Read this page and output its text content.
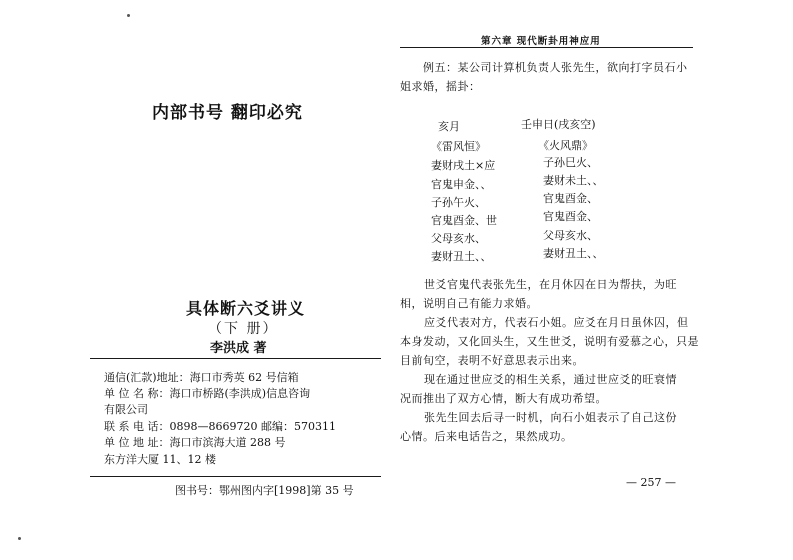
内部书号 翻印必究
具体断六爻讲义
（下 册）
李洪成 著
通信(汇款)地址：海口市秀英 62 号信箱
单 位 名 称：海口市桥路(李洪成)信息咨询
有限公司
联 系 电 话：0898—8669720 邮编：570311
单 位 地 址：海口市滨海大道 288 号
东方洋大厦 11、12 楼
图书号：鄂州图内字[1998]第 35 号
第六章 现代断卦用神应用
例五：某公司计算机负责人张先生，欲向打字员石小
姐求婚，摇卦：
亥月	壬申日(戌亥空)
《雷风恒》	《火风鼎》
妻财戌土×应
官鬼申金、、
子孙午火、
官鬼酉金、世
父母亥水、
妻财丑土、、
子孙巳火、
妻财未土、、
官鬼酉金、
官鬼酉金、
父母亥水、
妻财丑土、、
世爻官鬼代表张先生，在月休囚在日为帮扶，为旺
相，说明自己有能力求婚。
应爻代表对方，代表石小姐。应爻在月日虽休囚，但
本身发动，又化回头生，又生世爻，说明有爱慕之心，只是
目前旬空，表明不好意思表示出来。
现在通过世应爻的相生关系，通过世应爻的旺衰情
况而推出了双方心情，断大有成功希望。
张先生回去后寻一时机，向石小姐表示了自己这份
心情。后来电话告之，果然成功。
— 257 —
